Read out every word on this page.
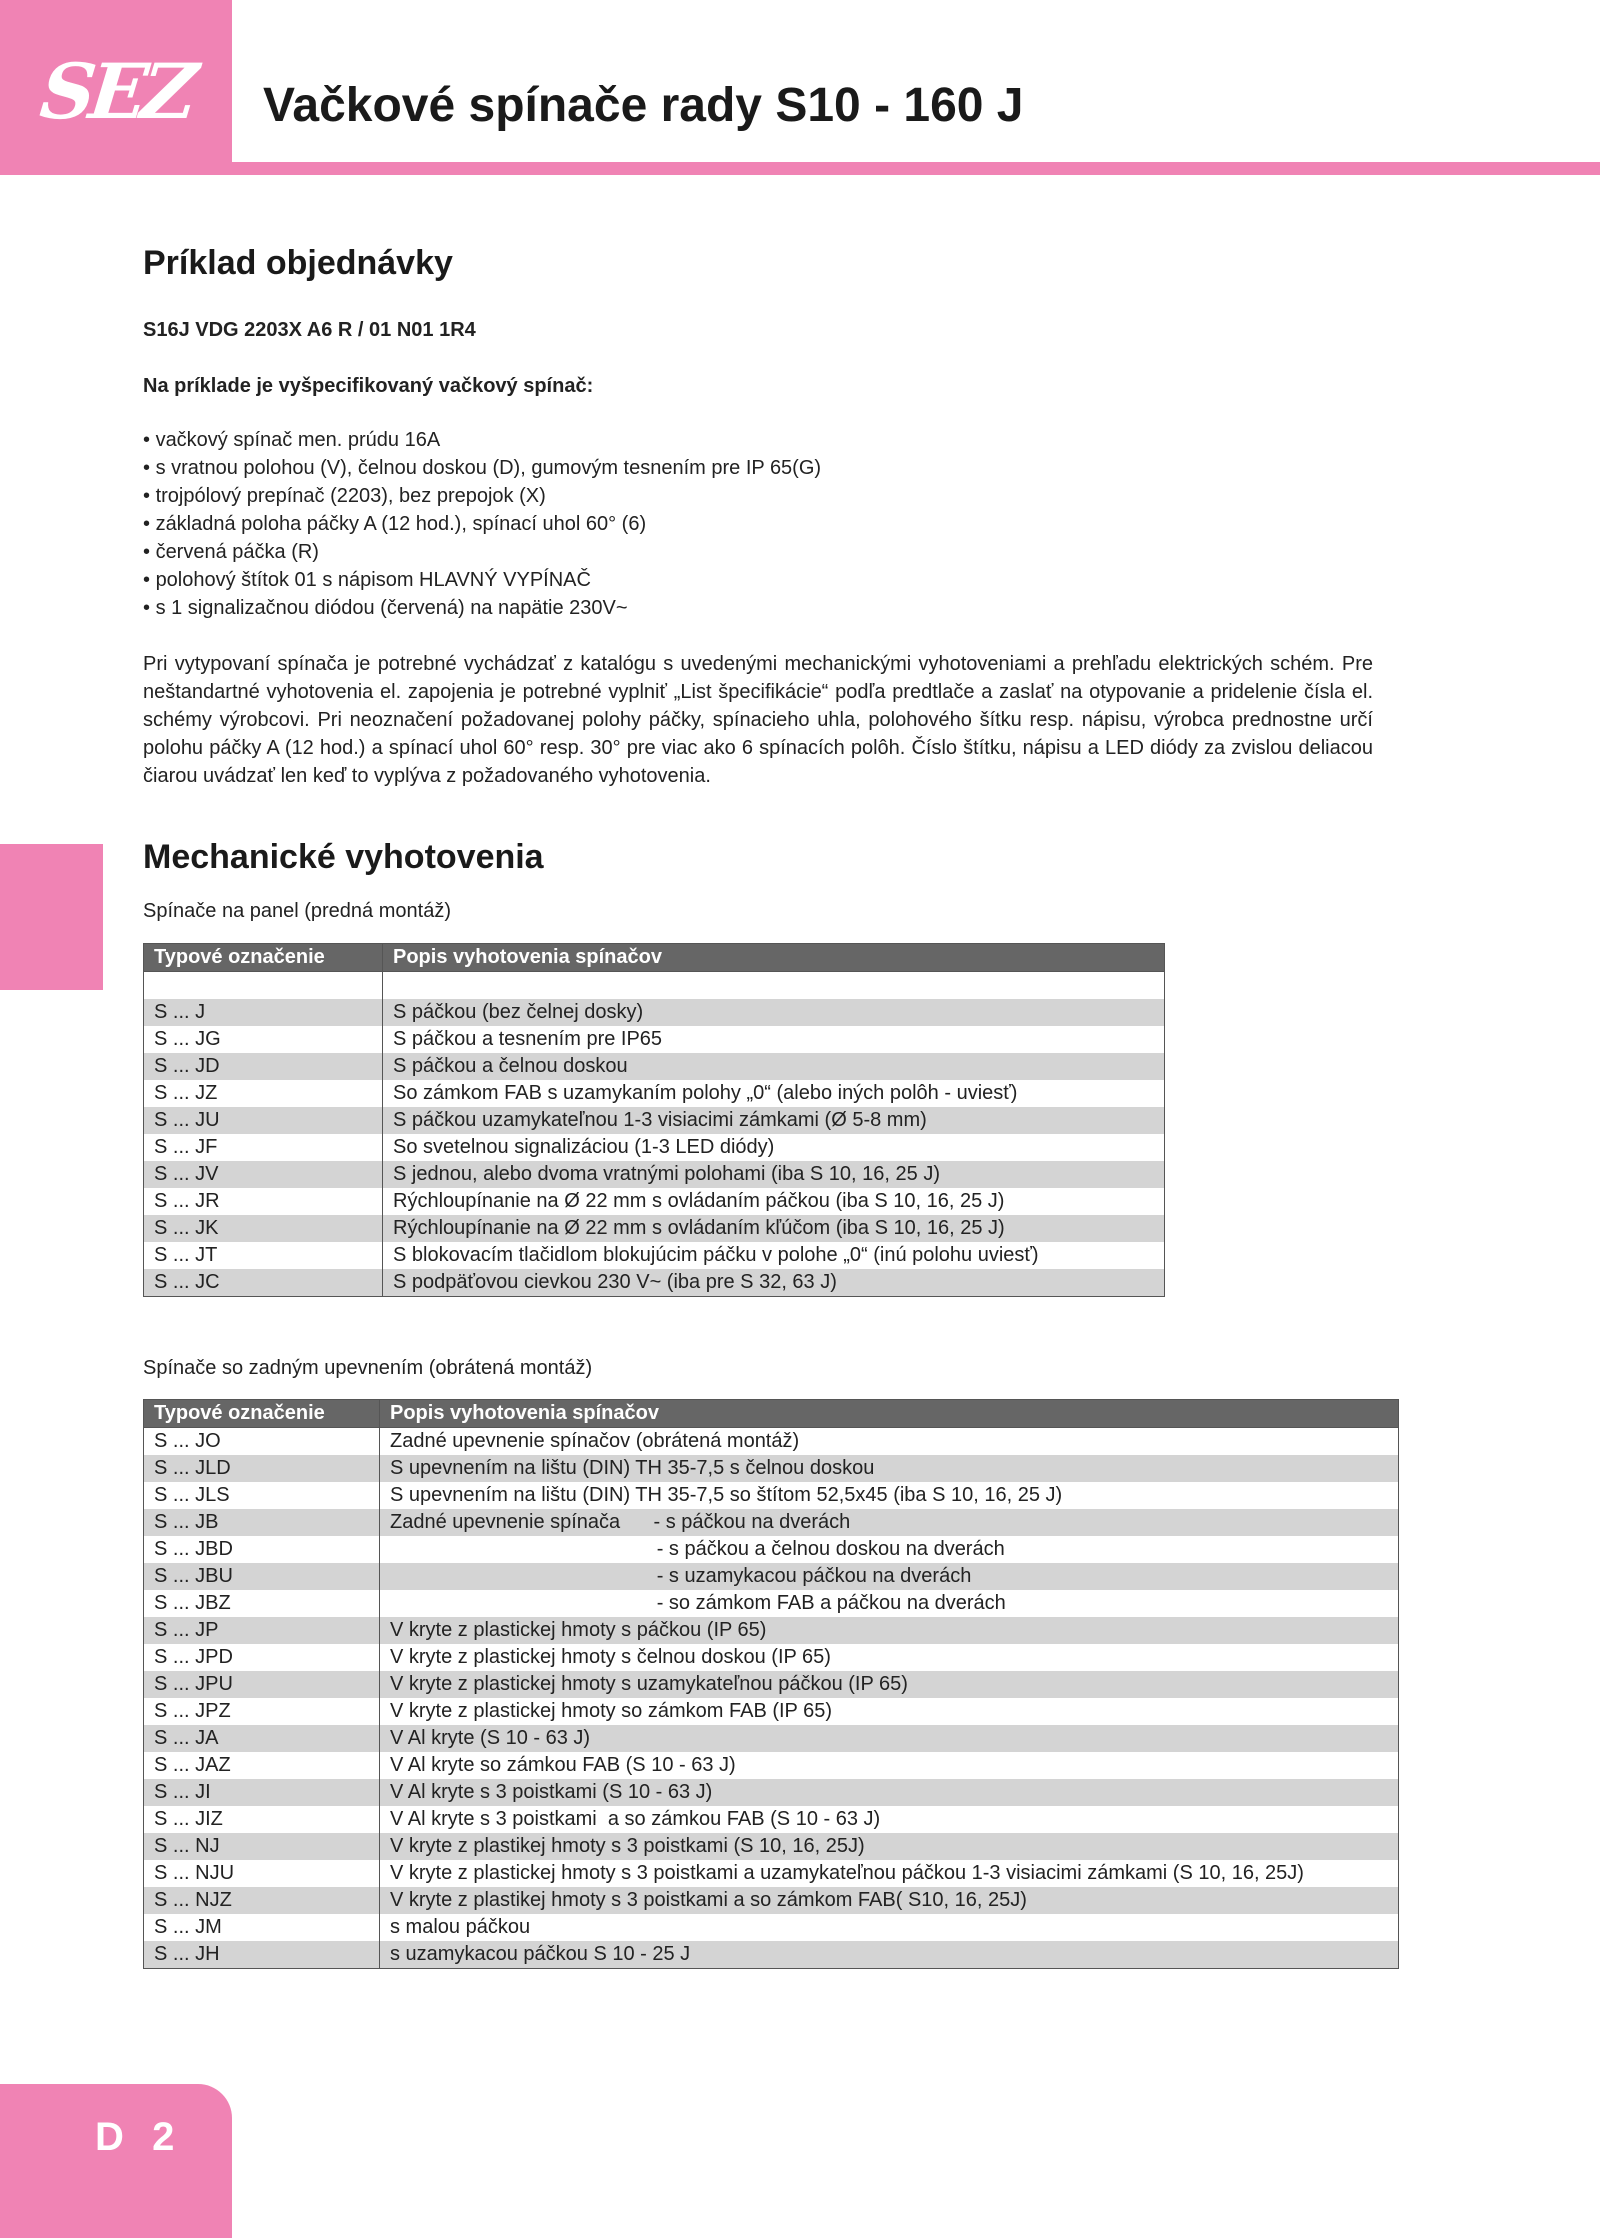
SEZ Vačkové spínače rady S10 - 160 J
D  2
Príklad objednávky

S16J VDG 2203X A6 R / 01 N01 1R4

Na príklade je vyšpecifikovaný vačkový spínač:

• vačkový spínač men. prúdu 16A
• s vratnou polohou (V), čelnou doskou (D), gumovým tesnením pre IP 65(G)
• trojpólový prepínač (2203), bez prepojok (X)
• základná poloha páčky A (12 hod.), spínací uhol 60° (6)
• červená páčka (R)
• polohový štítok 01 s nápisom HLAVNÝ VYPÍNAČ
• s 1 signalizačnou diódou (červená) na napätie 230V~

Pri vytypovaní spínača je potrebné vychádzať z katalógu s uvedenými mechanickými vyhotoveniami a prehľadu elektrických schém. Pre neštandartné vyhotovenia el. zapojenia je potrebné vyplniť „List špecifikácie“ podľa predtlače a zaslať na otypovanie a pridelenie čísla el. schémy výrobcovi. Pri neoznačení požadovanej polohy páčky, spínacieho uhla, polohového šítku resp. nápisu, výrobca prednostne určí polohu páčky A (12 hod.) a spínací uhol 60° resp. 30° pre viac ako 6 spínacích polôh. Číslo štítku, nápisu a LED diódy za zvislou deliacou čiarou uvádzať len keď to vyplýva z požadovaného vyhotovenia.

Mechanické vyhotovenia

Spínače na panel (predná montáž)

Typové označenie	Popis vyhotovenia spínačov

S ... J	S páčkou (bez čelnej dosky)
S ... JG	S páčkou a tesnením pre IP65
S ... JD	S páčkou a čelnou doskou
S ... JZ	So zámkom FAB s uzamykaním polohy „0“ (alebo iných polôh - uviesť)
S ... JU	S páčkou uzamykateľnou 1-3 visiacimi zámkami (Ø 5-8 mm)
S ... JF	So svetelnou signalizáciou (1-3 LED diódy)
S ... JV	S jednou, alebo dvoma vratnými polohami (iba S 10, 16, 25 J)
S ... JR	Rýchloupínanie na Ø 22 mm s ovládaním páčkou (iba S 10, 16, 25 J)
S ... JK	Rýchloupínanie na Ø 22 mm s ovládaním kľúčom (iba S 10, 16, 25 J)
S ... JT	S blokovacím tlačidlom blokujúcim páčku v polohe „0“ (inú polohu uviesť)
S ... JC	S podpäťovou cievkou 230 V~ (iba pre S 32, 63 J)

Spínače so zadným upevnením (obrátená montáž)

Typové označenie	Popis vyhotovenia spínačov
S ... JO	Zadné upevnenie spínačov (obrátená montáž)
S ... JLD	S upevnením na lištu (DIN) TH 35-7,5 s čelnou doskou
S ... JLS	S upevnením na lištu (DIN) TH 35-7,5 so štítom 52,5x45 (iba S 10, 16, 25 J)
S ... JB	Zadné upevnenie spínača      - s páčkou na dverách
S ... JBD	- s páčkou a čelnou doskou na dverách
S ... JBU	- s uzamykacou páčkou na dverách
S ... JBZ	- so zámkom FAB a páčkou na dverách
S ... JP	V kryte z plastickej hmoty s páčkou (IP 65)
S ... JPD	V kryte z plastickej hmoty s čelnou doskou (IP 65)
S ... JPU	V kryte z plastickej hmoty s uzamykateľnou páčkou (IP 65)
S ... JPZ	V kryte z plastickej hmoty so zámkom FAB (IP 65)
S ... JA	V Al kryte (S 10 - 63 J)
S ... JAZ	V Al kryte so zámkou FAB (S 10 - 63 J)
S ... JI	V Al kryte s 3 poistkami (S 10 - 63 J)
S ... JIZ	V Al kryte s 3 poistkami  a so zámkou FAB (S 10 - 63 J)
S ... NJ	V kryte z plastikej hmoty s 3 poistkami (S 10, 16, 25J)
S ... NJU	V kryte z plastickej hmoty s 3 poistkami a uzamykateľnou páčkou 1-3 visiacimi zámkami (S 10, 16, 25J)
S ... NJZ	V kryte z plastikej hmoty s 3 poistkami a so zámkom FAB( S10, 16, 25J)
S ... JM	s malou páčkou
S ... JH	s uzamykacou páčkou S 10 - 25 J
